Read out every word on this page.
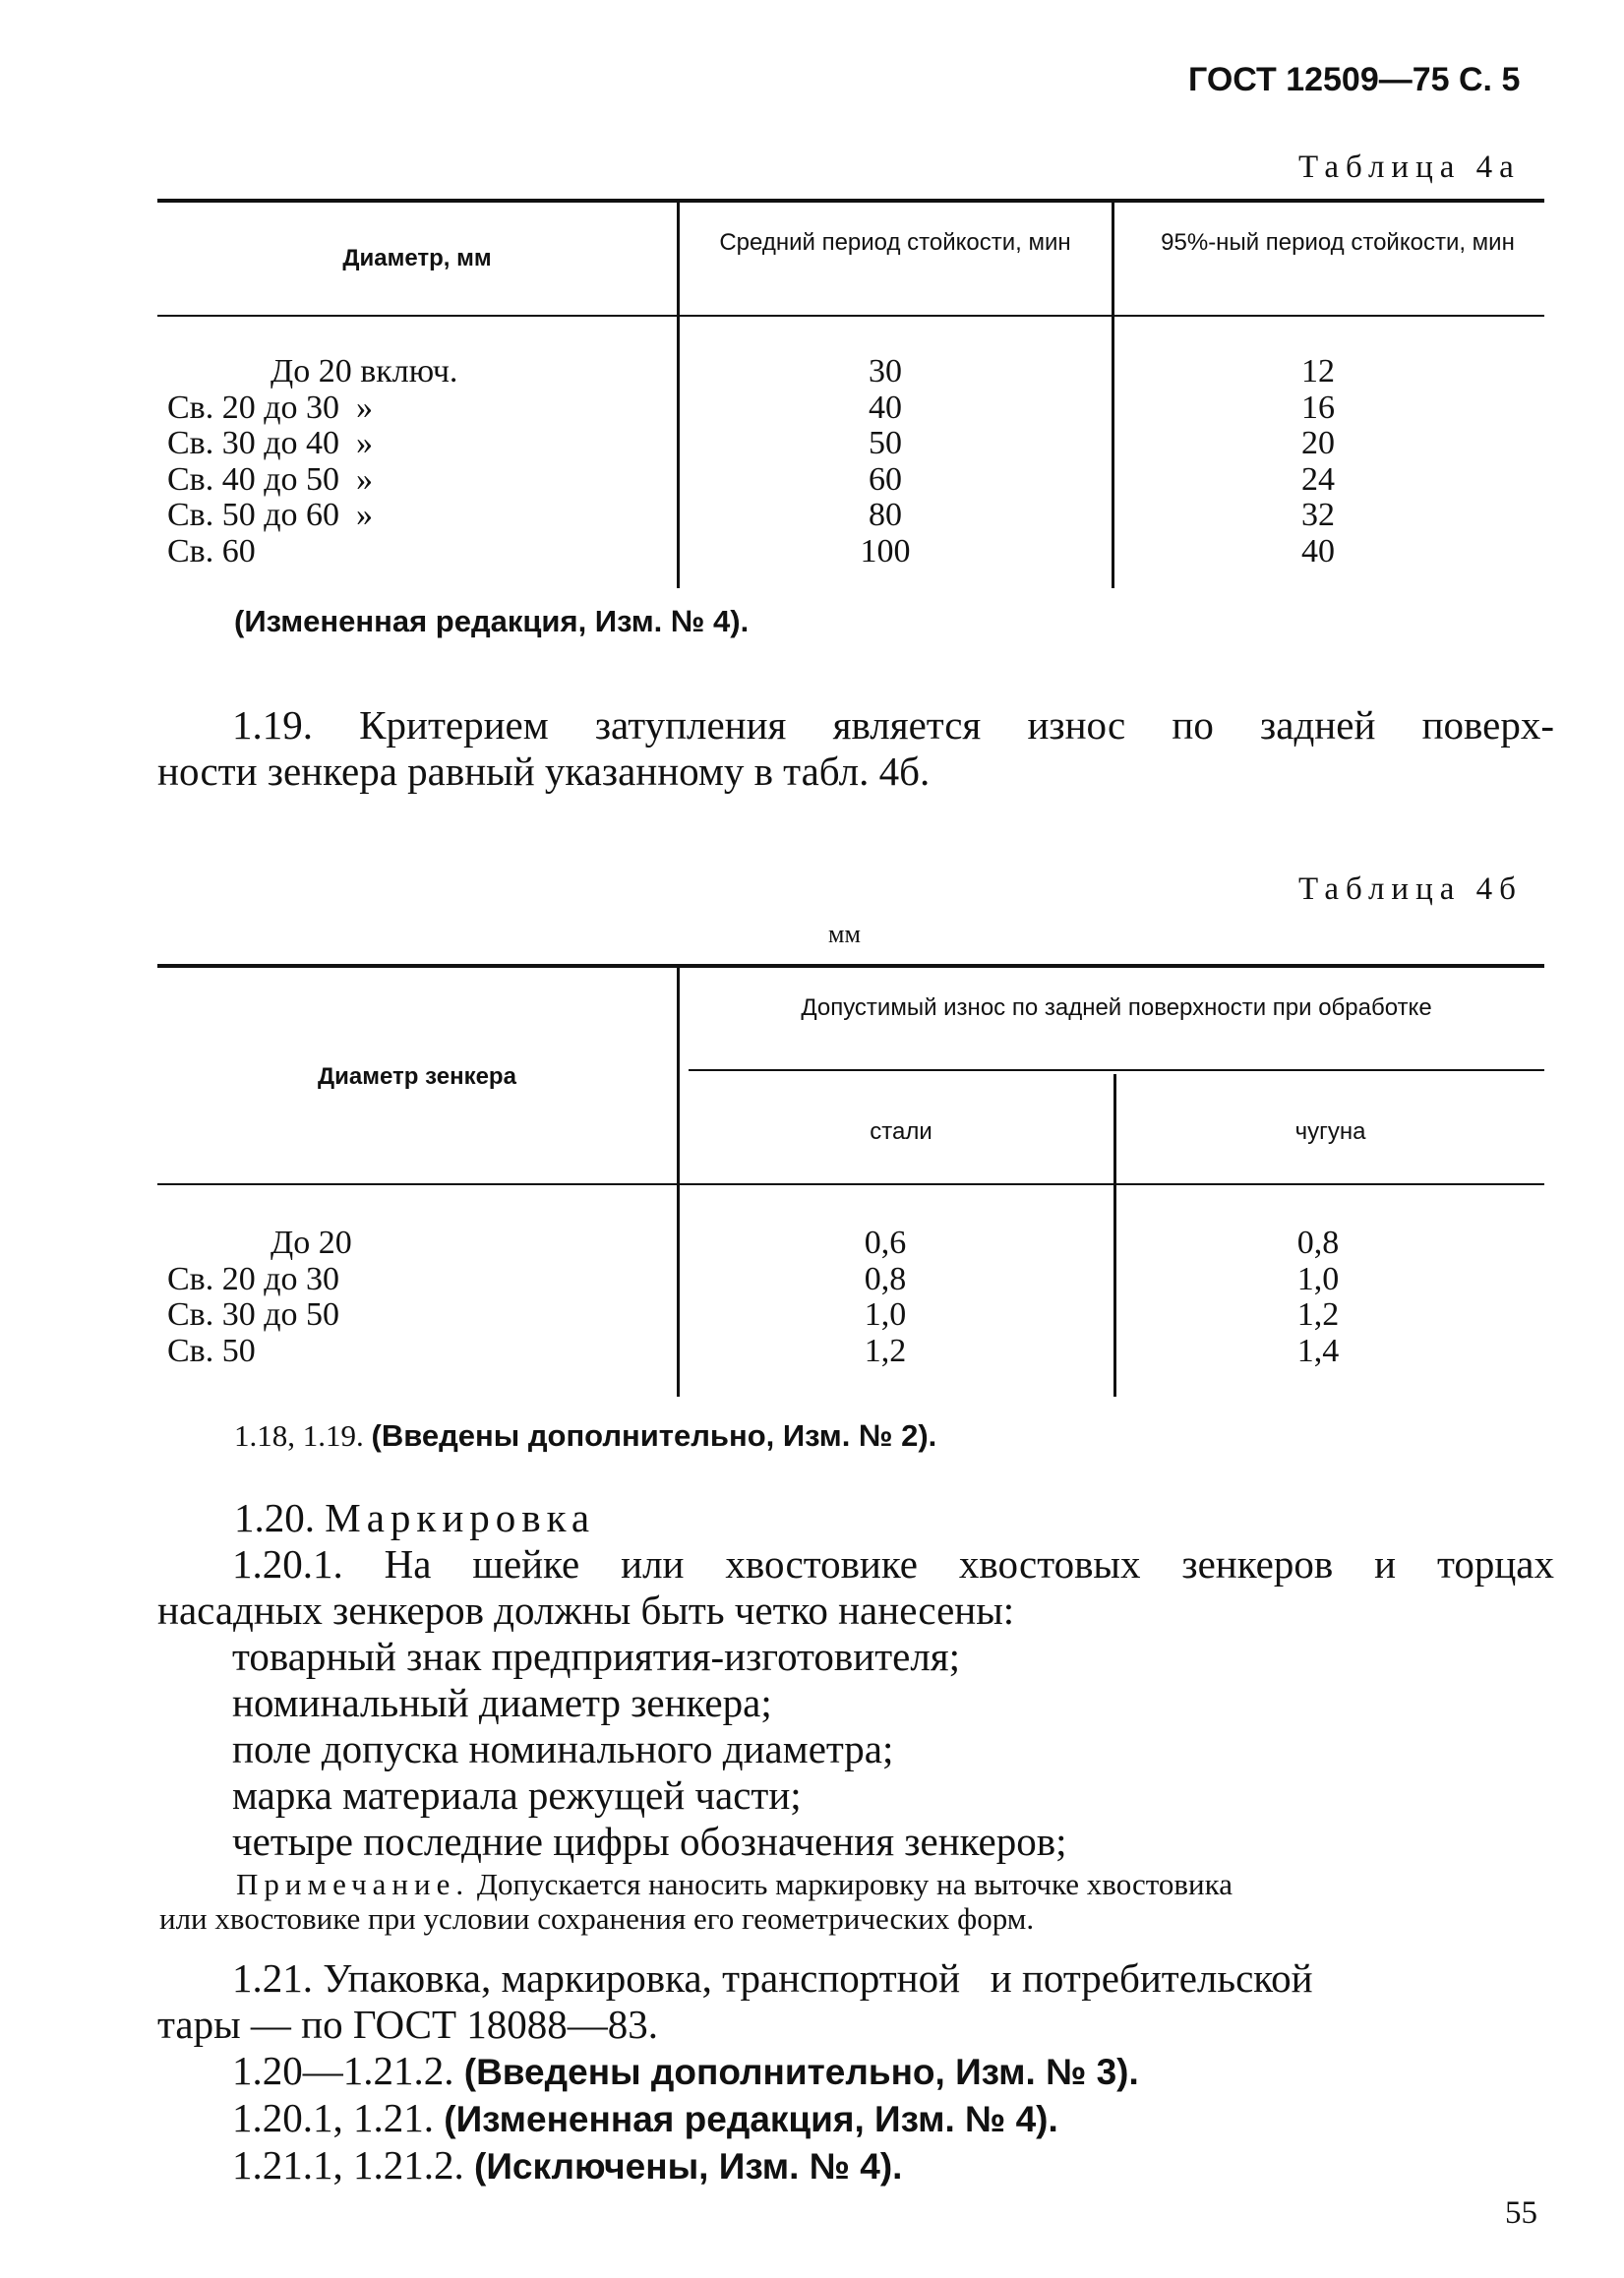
ГОСТ 12509—75 С. 5
Таблица 4а
Диаметр, мм
Средний период стойкости, мин	95%-ный период стойкости, мин
До 20 включ.
Св. 20 до 30  »
Св. 30 до 40  »
Св. 40 до 50  »
Св. 50 до 60  »
Св. 60
30
40
50
60
80
100
12
16
20
24
32
40
(Измененная редакция, Изм. № 4).
1.19. Критерием затупления является износ по задней поверх-
ности зенкера равный указанному в табл. 4б.
Таблица 4б
мм
Диаметр зенкера
Допустимый износ по задней поверхности при обработке
стали	чугуна
До 20
Св. 20 до 30
Св. 30 до 50
Св. 50
0,6
0,8
1,0
1,2
0,8
1,0
1,2
1,4
1.18, 1.19. (Введены дополнительно, Изм. № 2).
1.20. Маркировка
1.20.1. На шейке или хвостовике хвостовых зенкеров и торцах
насадных зенкеров должны быть четко нанесены:
товарный знак предприятия-изготовителя;
номинальный диаметр зенкера;
поле допуска номинального диаметра;
марка материала режущей части;
четыре последние цифры обозначения зенкеров;
Примечание. Допускается наносить маркировку на выточке хвостовика
или хвостовике при условии сохранения его геометрических форм.
1.21. Упаковка, маркировка, транспортной   и потребительской
тары — по ГОСТ 18088—83.
1.20—1.21.2. (Введены дополнительно, Изм. № 3).
1.20.1, 1.21. (Измененная редакция, Изм. № 4).
1.21.1, 1.21.2. (Исключены, Изм. № 4).
55
